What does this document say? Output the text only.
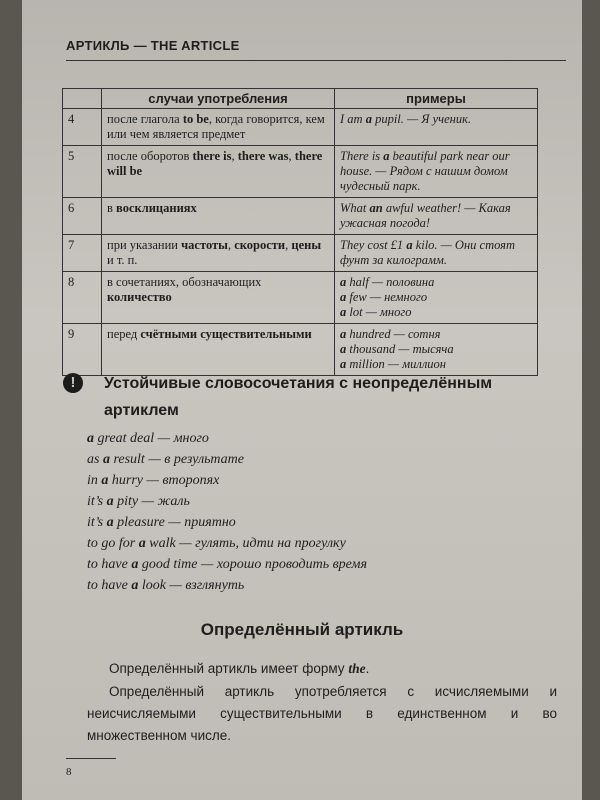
АРТИКЛЬ — THE ARTICLE
	случаи употребления	примеры
4	после глагола to be, когда говорится, кем или чем является предмет	I am a pupil. — Я ученик.

5	после оборотов there is, there was, there will be	There is a beautiful park near our house. — Рядом с нашим домом чудесный парк.

6	в восклицаниях	What an awful weather! — Какая ужасная погода!

7	при указании частоты, скорости, цены и т. п.	They cost £1 a kilo. — Они стоят фунт за килограмм.

8	в сочетаниях, обозначающих количество	a half — половина
a few — немного
a lot — много

9	перед счётными существительными	a hundred — сотня
a thousand — тысяча
a million — миллион
!	Устойчивые словосочетания с неопределённым артиклем
a great deal — много
as a result — в результате
in a hurry — второпях
it’s a pity — жаль
it’s a pleasure — приятно
to go for a walk — гулять, идти на прогулку
to have a good time — хорошо проводить время
to have a look — взглянуть
Определённый артикль

Определённый артикль имеет форму the.

Определённый артикль употребляется с исчисляемыми и неисчисляемыми существительными в единственном и во множественном числе.

8
